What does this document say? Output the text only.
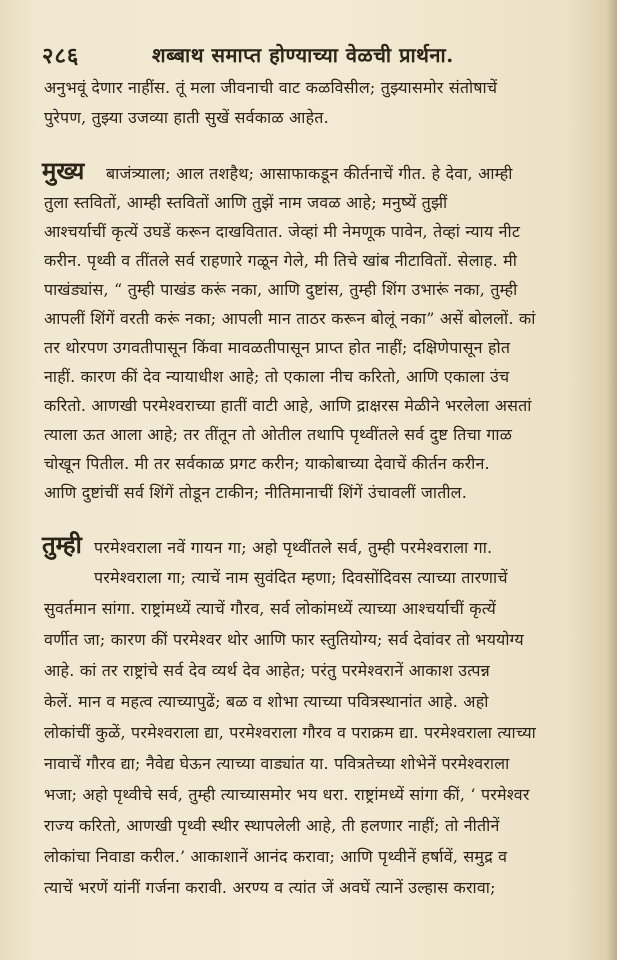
२८६	शब्बाथ समाप्त होण्याच्या वेळची प्रार्थना.
अनुभवूं देणार नाहींस. तूं मला जीवनाची वाट कळविसील; तुझ्यासमोर संतोषाचें
पुरेपण, तुझ्या उजव्या हाती सुखें सर्वकाळ आहेत.
मुख्य बाजंत्र्याला; आल तशहैथ; आसाफाकडून कीर्तनाचें गीत. हे देवा, आम्ही
तुला स्तवितों, आम्ही स्तवितों आणि तुझें नाम जवळ आहे; मनुष्यें तुझीं
आश्चर्याचीं कृत्यें उघडें करून दाखवितात. जेव्हां मी नेमणूक पावेन, तेव्हां न्याय नीट
करीन. पृथ्वी व तींतले सर्व राहणारे गळून गेले, मी तिचे खांब नीटावितों. सेलाह. मी
पाखंड्यांस, “ तुम्ही पाखंड करूं नका, आणि दुष्टांस, तुम्ही शिंग उभारूं नका, तुम्ही
आपलीं शिंगें वरती करूं नका; आपली मान ताठर करून बोलूं नका” असें बोललों. कां
तर थोरपण उगवतीपासून किंवा मावळतीपासून प्राप्त होत नाहीं; दक्षिणेपासून होत
नाहीं. कारण कीं देव न्यायाधीश आहे; तो एकाला नीच करितो, आणि एकाला उंच
करितो. आणखी परमेश्वराच्या हातीं वाटी आहे, आणि द्राक्षरस मेळीने भरलेला असतां
त्याला ऊत आला आहे; तर तींतून तो ओतील तथापि पृथ्वींतले सर्व दुष्ट तिचा गाळ
चोखून पितील. मी तर सर्वकाळ प्रगट करीन; याकोबाच्या देवाचें कीर्तन करीन.
आणि दुष्टांचीं सर्व शिंगें तोडून टाकीन; नीतिमानाचीं शिंगें उंचावलीं जातील.
तुम्ही परमेश्वराला नवें गायन गा; अहो पृथ्वींतले सर्व, तुम्ही परमेश्वराला गा.
परमेश्वराला गा; त्याचें नाम सुवंदित म्हणा; दिवसोंदिवस त्याच्या तारणाचें
सुवर्तमान सांगा. राष्ट्रांमध्यें त्याचें गौरव, सर्व लोकांमध्यें त्याच्या आश्चर्याचीं कृत्यें
वर्णीत जा; कारण कीं परमेश्वर थोर आणि फार स्तुतियोग्य; सर्व देवांवर तो भययोग्य
आहे. कां तर राष्ट्रांचे सर्व देव व्यर्थ देव आहेत; परंतु परमेश्वरानें आकाश उत्पन्न
केलें. मान व महत्व त्याच्यापुढें; बळ व शोभा त्याच्या पवित्रस्थानांत आहे. अहो
लोकांचीं कुळें, परमेश्वराला द्या, परमेश्वराला गौरव व पराक्रम द्या. परमेश्वराला त्याच्या
नावाचें गौरव द्या; नैवेद्य घेऊन त्याच्या वाड्यांत या. पवित्रतेच्या शोभेनें परमेश्वराला
भजा; अहो पृथ्वीचे सर्व, तुम्ही त्याच्यासमोर भय धरा. राष्ट्रांमध्यें सांगा कीं, ‘ परमेश्वर
राज्य करितो, आणखी पृथ्वी स्थीर स्थापलेली आहे, ती हलणार नाहीं; तो नीतीनें
लोकांचा निवाडा करील.’ आकाशानें आनंद करावा; आणि पृथ्वीनें हर्षावें, समुद्र व
त्याचें भरणें यांनीं गर्जना करावी. अरण्य व त्यांत जें अवघें त्यानें उल्हास करावा;
